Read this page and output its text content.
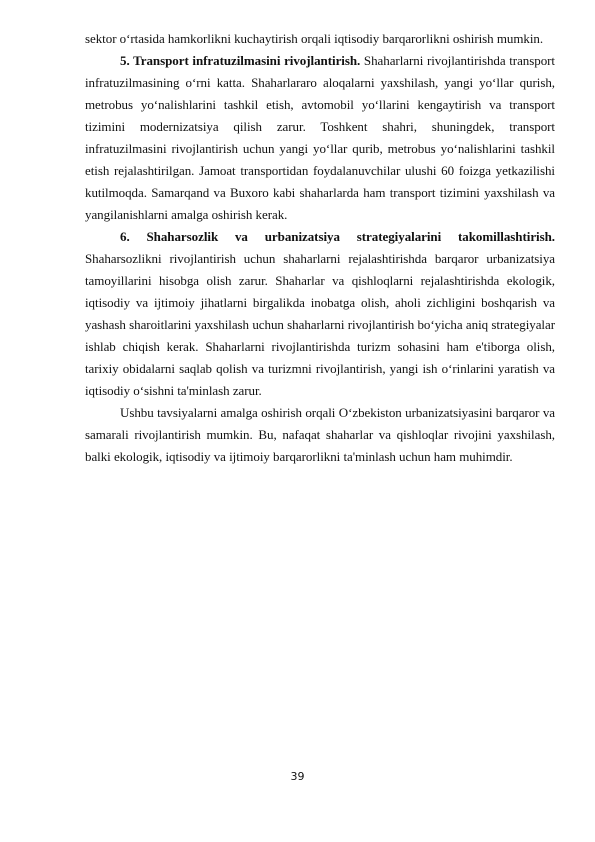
sektor o‘rtasida hamkorlikni kuchaytirish orqali iqtisodiy barqarorlikni oshirish mumkin.

5. Transport infratuzilmasini rivojlantirish. Shaharlarni rivojlantirishda transport infratuzilmasining o‘rni katta. Shaharlararo aloqalarni yaxshilash, yangi yo‘llar qurish, metrobus yo‘nalishlarini tashkil etish, avtomobil yo‘llarini kengaytirish va transport tizimini modernizatsiya qilish zarur. Toshkent shahri, shuningdek, transport infratuzilmasini rivojlantirish uchun yangi yo‘llar qurib, metrobus yo‘nalishlarini tashkil etish rejalashtirilgan. Jamoat transportidan foydalanuvchilar ulushi 60 foizga yetkazilishi kutilmoqda. Samarqand va Buxoro kabi shaharlarda ham transport tizimini yaxshilash va yangilanishlarni amalga oshirish kerak.

6. Shaharsozlik va urbanizatsiya strategiyalarini takomillashtirish. Shaharsozlikni rivojlantirish uchun shaharlarni rejalashtirishda barqaror urbanizatsiya tamoyillarini hisobga olish zarur. Shaharlar va qishloqlarni rejalashtirishda ekologik, iqtisodiy va ijtimoiy jihatlarni birgalikda inobatga olish, aholi zichligini boshqarish va yashash sharoitlarini yaxshilash uchun shaharlarni rivojlantirish bo‘yicha aniq strategiyalar ishlab chiqish kerak. Shaharlarni rivojlantirishda turizm sohasini ham e'tiborga olish, tarixiy obidalarni saqlab qolish va turizmni rivojlantirish, yangi ish o‘rinlarini yaratish va iqtisodiy o‘sishni ta'minlash zarur.

Ushbu tavsiyalarni amalga oshirish orqali O‘zbekiston urbanizatsiyasini barqaror va samarali rivojlantirish mumkin. Bu, nafaqat shaharlar va qishloqlar rivojini yaxshilash, balki ekologik, iqtisodiy va ijtimoiy barqarorlikni ta'minlash uchun ham muhimdir.

39
